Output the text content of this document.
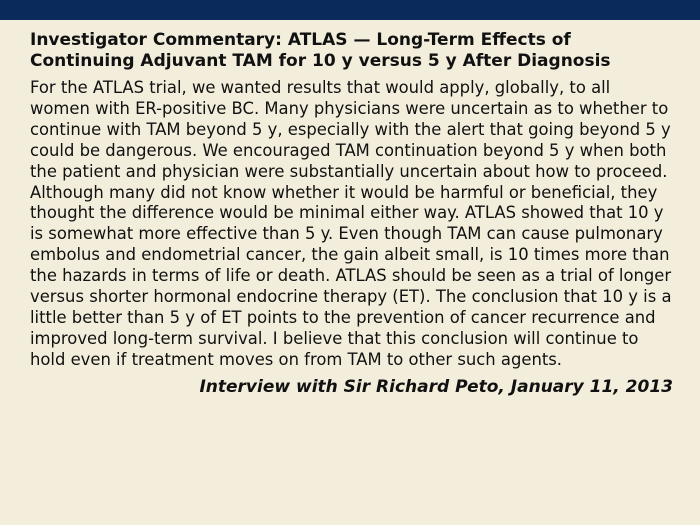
Investigator Commentary: ATLAS — Long-Term Effects of Continuing Adjuvant TAM for 10 y versus 5 y After Diagnosis

For the ATLAS trial, we wanted results that would apply, globally, to all women with ER-positive BC. Many physicians were uncertain as to whether to continue with TAM beyond 5 y, especially with the alert that going beyond 5 y could be dangerous. We encouraged TAM continuation beyond 5 y when both the patient and physician were substantially uncertain about how to proceed. Although many did not know whether it would be harmful or beneficial, they thought the difference would be minimal either way. ATLAS showed that 10 y is somewhat more effective than 5 y. Even though TAM can cause pulmonary embolus and endometrial cancer, the gain albeit small, is 10 times more than the hazards in terms of life or death. ATLAS should be seen as a trial of longer versus shorter hormonal endocrine therapy (ET). The conclusion that 10 y is a little better than 5 y of ET points to the prevention of cancer recurrence and improved long-term survival. I believe that this conclusion will continue to hold even if treatment moves on from TAM to other such agents.

Interview with Sir Richard Peto, January 11, 2013
